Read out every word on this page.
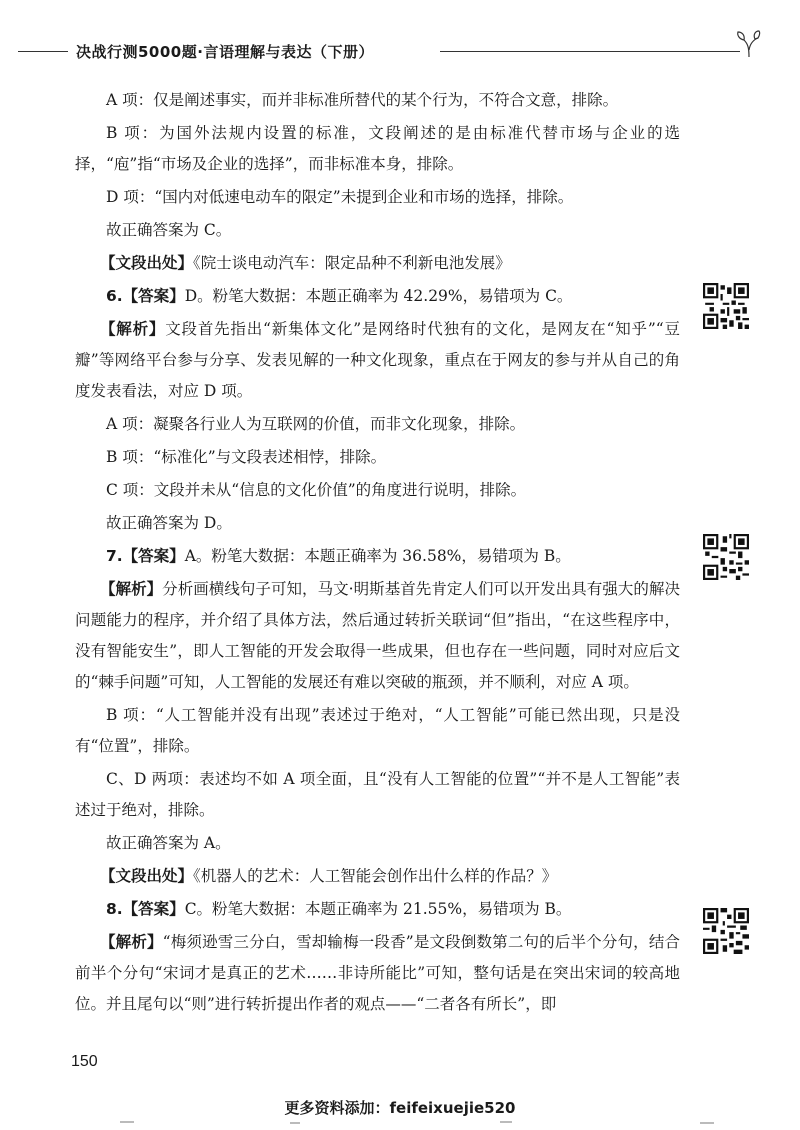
决战行测5000题·言语理解与表达（下册）

A 项：仅是阐述事实，而并非标准所替代的某个行为，不符合文意，排除。

B 项：为国外法规内设置的标准，文段阐述的是由标准代替市场与企业的选择，“庖”指“市场及企业的选择”，而非标准本身，排除。

D 项：“国内对低速电动车的限定”未提到企业和市场的选择，排除。

故正确答案为 C。

【文段出处】《院士谈电动汽车：限定品种不利新电池发展》

6.【答案】D。粉笔大数据：本题正确率为 42.29%，易错项为 C。

【解析】文段首先指出“新集体文化”是网络时代独有的文化，是网友在“知乎”“豆瓣”等网络平台参与分享、发表见解的一种文化现象，重点在于网友的参与并从自己的角度发表看法，对应 D 项。

A 项：凝聚各行业人为互联网的价值，而非文化现象，排除。

B 项：“标准化”与文段表述相悖，排除。

C 项：文段并未从“信息的文化价值”的角度进行说明，排除。

故正确答案为 D。

7.【答案】A。粉笔大数据：本题正确率为 36.58%，易错项为 B。

【解析】分析画横线句子可知，马文·明斯基首先肯定人们可以开发出具有强大的解决问题能力的程序，并介绍了具体方法，然后通过转折关联词“但”指出，“在这些程序中，没有智能安生”，即人工智能的开发会取得一些成果，但也存在一些问题，同时对应后文的“棘手问题”可知，人工智能的发展还有难以突破的瓶颈，并不顺利，对应 A 项。

B 项：“人工智能并没有出现”表述过于绝对，“人工智能”可能已然出现，只是没有“位置”，排除。

C、D 两项：表述均不如 A 项全面，且“没有人工智能的位置”“并不是人工智能”表述过于绝对，排除。

故正确答案为 A。

【文段出处】《机器人的艺术：人工智能会创作出什么样的作品？》

8.【答案】C。粉笔大数据：本题正确率为 21.55%，易错项为 B。

【解析】“梅须逊雪三分白，雪却输梅一段香”是文段倒数第二句的后半个分句，结合前半个分句“宋词才是真正的艺术……非诗所能比”可知，整句话是在突出宋词的较高地位。并且尾句以“则”进行转折提出作者的观点——“二者各有所长”，即

150
更多资料添加：feifeixuejie520
